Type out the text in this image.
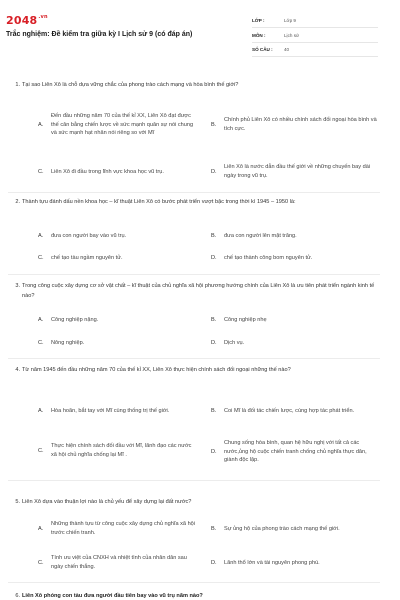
$2048^{.vn}$
Trắc nghiệm: Đề kiểm tra giữa kỳ I Lịch sử 9 (có đáp án)
LỚP :	Lớp 9
MÔN :	Lịch sử
SỐ CÂU :	40
1. Tại sao Liên Xô là chỗ dựa vững chắc của phong trào cách mạng và hòa bình thế giới?
A.
Đến đầu những năm 70 của thế kỉ XX, Liên Xô đạt được thế cân bằng chiến lược về sức mạnh quân sự nói chung và sức mạnh hạt nhân nói riêng so với Mĩ
B.
Chính phủ Liên Xô có nhiều chính sách đối ngoại hòa bình và tích cực.
C.	Liên Xô đi đầu trong lĩnh vực khoa học vũ trụ.	D.
Liên Xô là nước dẫn đầu thế giới về những chuyến bay dài ngày trong vũ trụ.
2. Thành tựu đánh dấu nền khoa học – kĩ thuật Liên Xô có bước phát triển vượt bậc trong thời kì 1945 – 1950 là:
A.	đưa con người bay vào vũ trụ.	B.	đưa con người lên mặt trăng.
C.	chế tạo tàu ngầm nguyên tử.	D.	chế tạo thành công bom nguyên tử.
3. Trong công cuộc xây dựng cơ sở vật chất – kĩ thuật của chủ nghĩa xã hội phương hướng chính của Liên Xô là ưu tiên phát triển ngành kinh tế nào?
A.	Công nghiệp nặng.	B.	Công nghiệp nhẹ
C.	Nông nghiệp.	D.	Dịch vụ.
4. Từ năm 1945 đến đầu những năm 70 của thế kỉ XX, Liên Xô thực hiện chính sách đối ngoại những thế nào?
A.	Hòa hoãn, bắt tay với Mĩ cùng thống trị thế giới.	B.	Coi Mĩ là đối tác chiến lược, cùng hợp tác phát triển.
C.
Thực hiện chính sách đối đầu với Mĩ, lãnh đạo các nước xã hội chủ nghĩa chống lại Mĩ .	D.
Chung sống hòa bình, quan hệ hữu nghị với tất cả các nước,ủng hộ cuộc chiến tranh chống chủ nghĩa thực dân, giành độc lập.
5. Liên Xô dựa vào thuận lợi nào là chủ yếu để xây dựng lại đất nước?
A.
Những thành tựu từ công cuộc xây dựng chủ nghĩa xã hội trước chiến tranh.
B.	Sự ủng hộ của phong trào cách mạng thế giới.
C.
Tính ưu việt của CNXH và nhiệt tình của nhân dân sau ngày chiến thắng.
D.	Lãnh thổ lớn và tài nguyên phong phú.
6. Liên Xô phóng con tàu đưa người đầu tiên bay vào vũ trụ năm nào?
